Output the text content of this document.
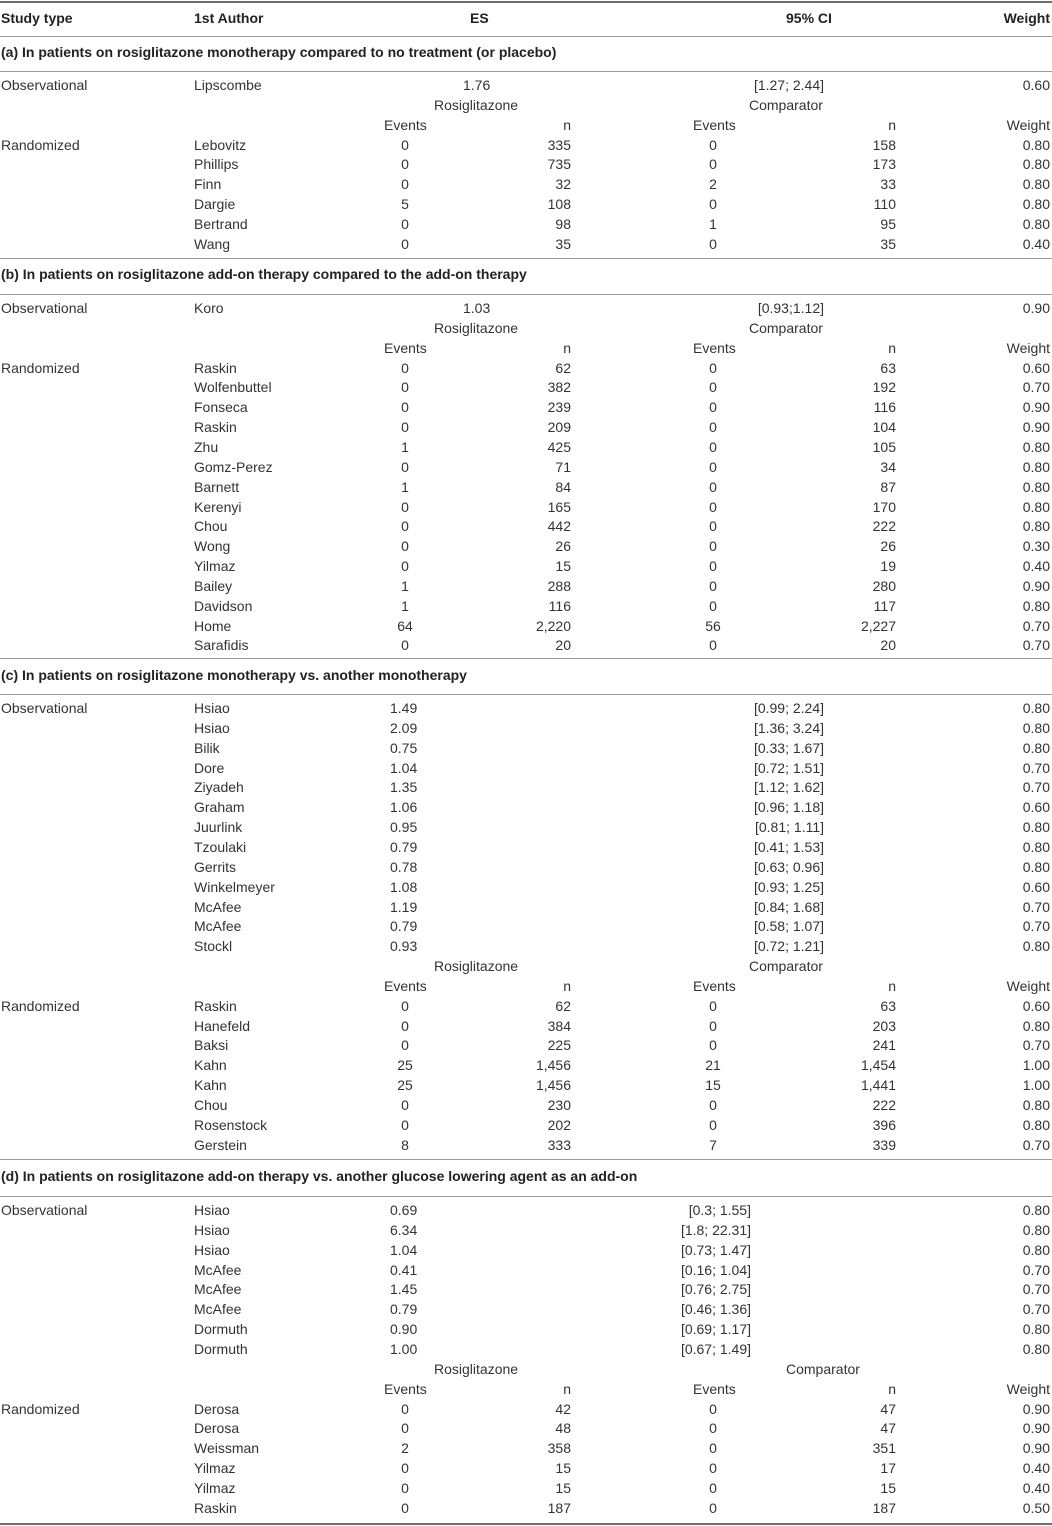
Study type	1st Author	ES	95% CI	Weight
(a) In patients on rosiglitazone monotherapy compared to no treatment (or placebo)
Observational	Lipscombe	1.76	[1.27; 2.44]	0.60
Rosiglitazone	Comparator
Events	n	Events	n	Weight
Randomized	Lebovitz	0	335	0	158	0.80
Phillips	0	735	0	173	0.80
Finn	0	32	2	33	0.80
Dargie	5	108	0	110	0.80
Bertrand	0	98	1	95	0.80
Wang	0	35	0	35	0.40
(b) In patients on rosiglitazone add-on therapy compared to the add-on therapy
Observational	Koro	1.03	[0.93;1.12]	0.90
Rosiglitazone	Comparator
Events	n	Events	n	Weight
Randomized	Raskin	0	62	0	63	0.60
Wolfenbuttel	0	382	0	192	0.70
Fonseca	0	239	0	116	0.90
Raskin	0	209	0	104	0.90
Zhu	1	425	0	105	0.80
Gomz-Perez	0	71	0	34	0.80
Barnett	1	84	0	87	0.80
Kerenyi	0	165	0	170	0.80
Chou	0	442	0	222	0.80
Wong	0	26	0	26	0.30
Yilmaz	0	15	0	19	0.40
Bailey	1	288	0	280	0.90
Davidson	1	116	0	117	0.80
Home	64	2,220	56	2,227	0.70
Sarafidis	0	20	0	20	0.70
(c) In patients on rosiglitazone monotherapy vs. another monotherapy
Observational	Hsiao	1.49	[0.99; 2.24]	0.80
Hsiao	2.09	[1.36; 3.24]	0.80
Bilik	0.75	[0.33; 1.67]	0.80
Dore	1.04	[0.72; 1.51]	0.70
Ziyadeh	1.35	[1.12; 1.62]	0.70
Graham	1.06	[0.96; 1.18]	0.60
Juurlink	0.95	[0.81; 1.11]	0.80
Tzoulaki	0.79	[0.41; 1.53]	0.80
Gerrits	0.78	[0.63; 0.96]	0.80
Winkelmeyer	1.08	[0.93; 1.25]	0.60
McAfee	1.19	[0.84; 1.68]	0.70
McAfee	0.79	[0.58; 1.07]	0.70
Stockl	0.93	[0.72; 1.21]	0.80
Rosiglitazone	Comparator
Events	n	Events	n	Weight
Randomized	Raskin	0	62	0	63	0.60
Hanefeld	0	384	0	203	0.80
Baksi	0	225	0	241	0.70
Kahn	25	1,456	21	1,454	1.00
Kahn	25	1,456	15	1,441	1.00
Chou	0	230	0	222	0.80
Rosenstock	0	202	0	396	0.80
Gerstein	8	333	7	339	0.70
(d) In patients on rosiglitazone add-on therapy vs. another glucose lowering agent as an add-on
Observational	Hsiao	0.69	[0.3; 1.55]	0.80
Hsiao	6.34	[1.8; 22.31]	0.80
Hsiao	1.04	[0.73; 1.47]	0.80
McAfee	0.41	[0.16; 1.04]	0.70
McAfee	1.45	[0.76; 2.75]	0.70
McAfee	0.79	[0.46; 1.36]	0.70
Dormuth	0.90	[0.69; 1.17]	0.80
Dormuth	1.00	[0.67; 1.49]	0.80
Rosiglitazone	Comparator
Events	n	Events	n	Weight
Randomized	Derosa	0	42	0	47	0.90
Derosa	0	48	0	47	0.90
Weissman	2	358	0	351	0.90
Yilmaz	0	15	0	17	0.40
Yilmaz	0	15	0	15	0.40
Raskin	0	187	0	187	0.50
